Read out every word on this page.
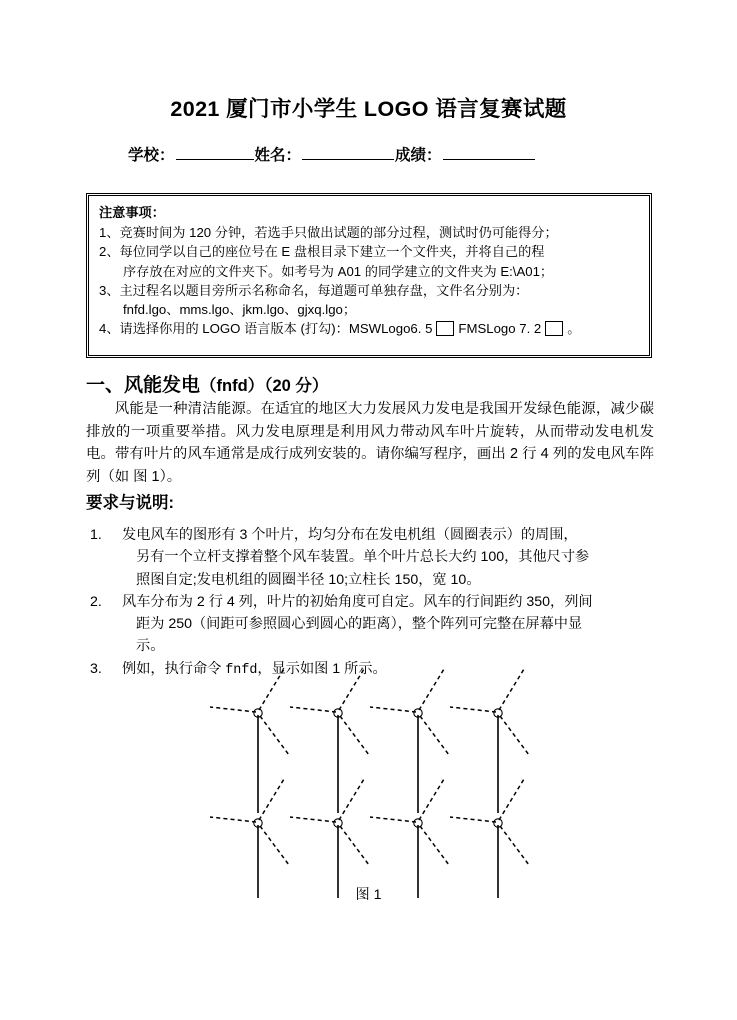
2021 厦门市小学生 LOGO 语言复赛试题
学校：	姓名：	成绩：
注意事项：
1、竞赛时间为 120 分钟，若选手只做出试题的部分过程，测试时仍可能得分；
2、每位同学以自己的座位号在 E 盘根目录下建立一个文件夹，并将自己的程
序存放在对应的文件夹下。如考号为 A01 的同学建立的文件夹为 E:\A01；
3、主过程名以题目旁所示名称命名，每道题可单独存盘，文件名分别为：
fnfd.lgo、mms.lgo、jkm.lgo、gjxq.lgo；
4、请选择你用的 LOGO 语言版本 (打勾)：MSWLogo6. 5 FMSLogo 7. 2 。
一、风能发电（fnfd）（20 分）
风能是一种清洁能源。在适宜的地区大力发展风力发电是我国开发绿色能源，减少碳排放的一项重要举措。风力发电原理是利用风力带动风车叶片旋转，从而带动发电机发电。带有叶片的风车通常是成行成列安装的。请你编写程序，画出 2 行 4 列的发电风车阵列（如 图 1）。
要求与说明:
1.	发电风车的图形有 3 个叶片，均匀分布在发电机组（圆圈表示）的周围，
另有一个立杆支撑着整个风车装置。单个叶片总长大约 100，其他尺寸参
照图自定;发电机组的圆圈半径 10;立柱长 150，宽 10。
2.	风车分布为 2 行 4 列，叶片的初始角度可自定。风车的行间距约 350，列间
距为 250（间距可参照圆心到圆心的距离），整个阵列可完整在屏幕中显
示。
3.	例如，执行命令 fnfd，显示如图 1 所示。
图 1
